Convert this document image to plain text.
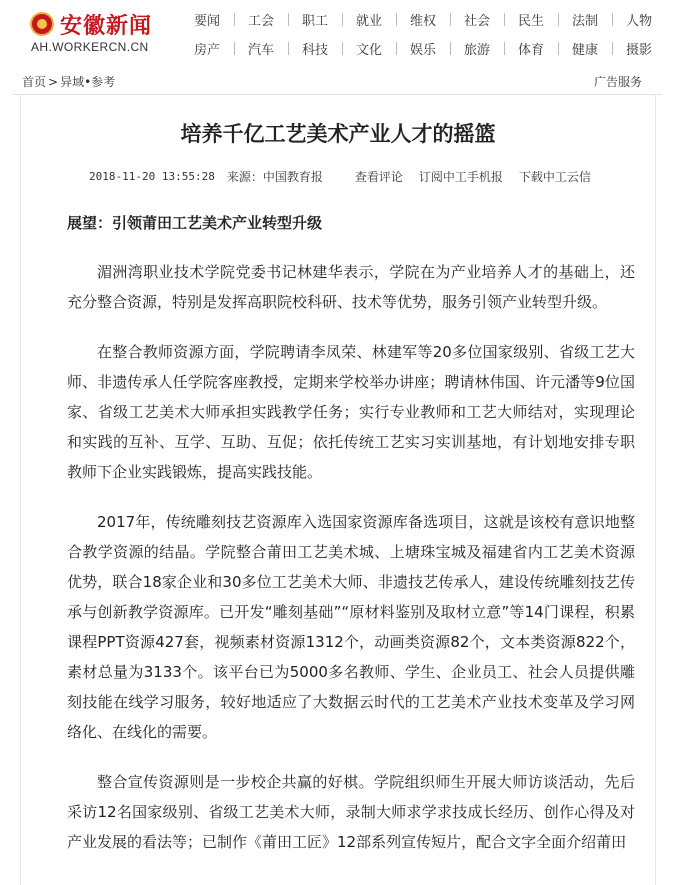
安徽新闻
AH.WORKERCN.CN
要闻	工会	职工	就业	维权	社会	民生	法制	人物
房产	汽车	科技	文化	娱乐	旅游	体育	健康	摄影
首页 > 异域•参考	广告服务
培养千亿工艺美术产业人才的摇篮
2018-11-20 13:55:28 来源：中国教育报	查看评论 订阅中工手机报 下载中工云信

展望：引领莆田工艺美术产业转型升级

湄洲湾职业技术学院党委书记林建华表示，学院在为产业培养人才的基础上，还充分整合资源，特别是发挥高职院校科研、技术等优势，服务引领产业转型升级。

在整合教师资源方面，学院聘请李凤荣、林建军等20多位国家级别、省级工艺大师、非遗传承人任学院客座教授，定期来学校举办讲座；聘请林伟国、许元潘等9位国家、省级工艺美术大师承担实践教学任务；实行专业教师和工艺大师结对，实现理论和实践的互补、互学、互助、互促；依托传统工艺实习实训基地，有计划地安排专职教师下企业实践锻炼，提高实践技能。

2017年，传统雕刻技艺资源库入选国家资源库备选项目，这就是该校有意识地整合教学资源的结晶。学院整合莆田工艺美术城、上塘珠宝城及福建省内工艺美术资源优势，联合18家企业和30多位工艺美术大师、非遗技艺传承人，建设传统雕刻技艺传承与创新教学资源库。已开发“雕刻基础”“原材料鉴别及取材立意”等14门课程，积累课程PPT资源427套，视频素材资源1312个，动画类资源82个，文本类资源822个，素材总量为3133个。该平台已为5000多名教师、学生、企业员工、社会人员提供雕刻技能在线学习服务，较好地适应了大数据云时代的工艺美术产业技术变革及学习网络化、在线化的需要。

整合宣传资源则是一步校企共赢的好棋。学院组织师生开展大师访谈活动，先后采访12名国家级别、省级工艺美术大师，录制大师求学求技成长经历、创作心得及对产业发展的看法等；已制作《莆田工匠》12部系列宣传短片，配合文字全面介绍莆田
